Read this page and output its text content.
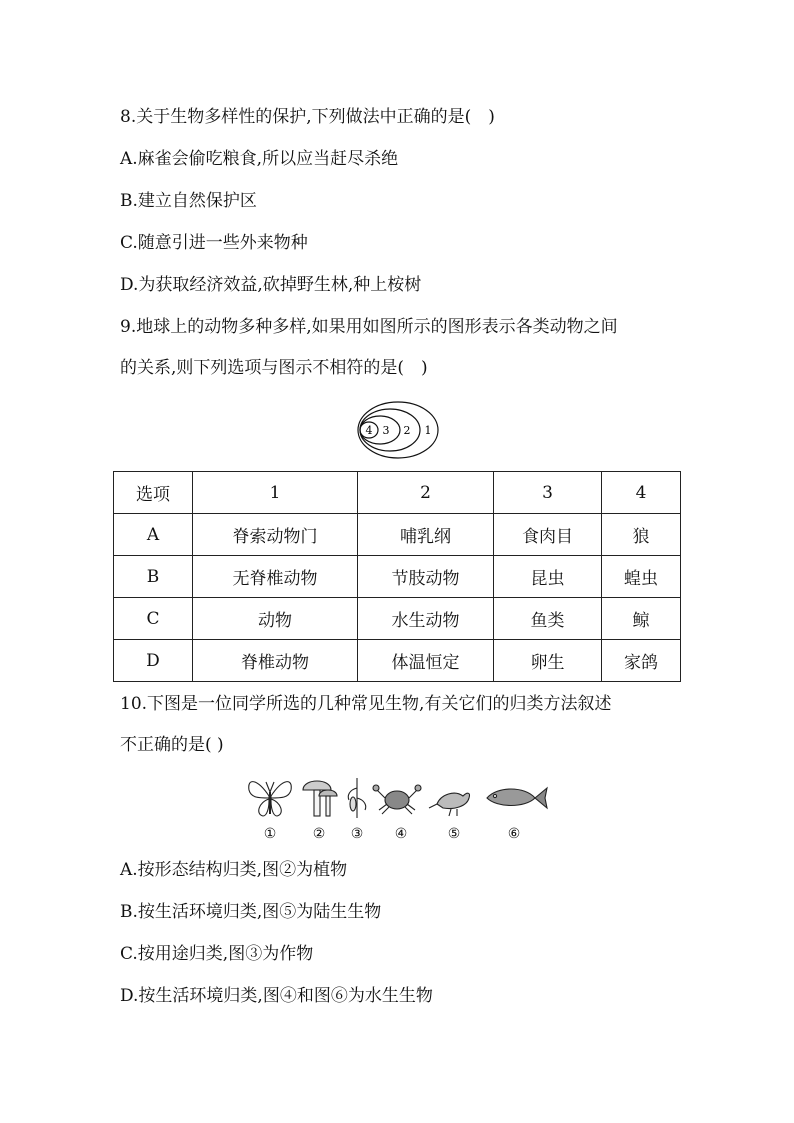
8.关于生物多样性的保护,下列做法中正确的是(　)
A.麻雀会偷吃粮食,所以应当赶尽杀绝
B.建立自然保护区
C.随意引进一些外来物种
D.为获取经济效益,砍掉野生林,种上桉树
9.地球上的动物多种多样,如果用如图所示的图形表示各类动物之间
的关系,则下列选项与图示不相符的是(　)
4 3 2 1
选项	1	2	3	4
A	脊索动物门	哺乳纲	食肉目	狼
B	无脊椎动物	节肢动物	昆虫	蝗虫
C	动物	水生动物	鱼类	鲸
D	脊椎动物	体温恒定	卵生	家鸽
10.下图是一位同学所选的几种常见生物,有关它们的归类方法叙述
不正确的是( )
①	②	③	④	⑤	⑥
A.按形态结构归类,图②为植物
B.按生活环境归类,图⑤为陆生生物
C.按用途归类,图③为作物
D.按生活环境归类,图④和图⑥为水生生物
